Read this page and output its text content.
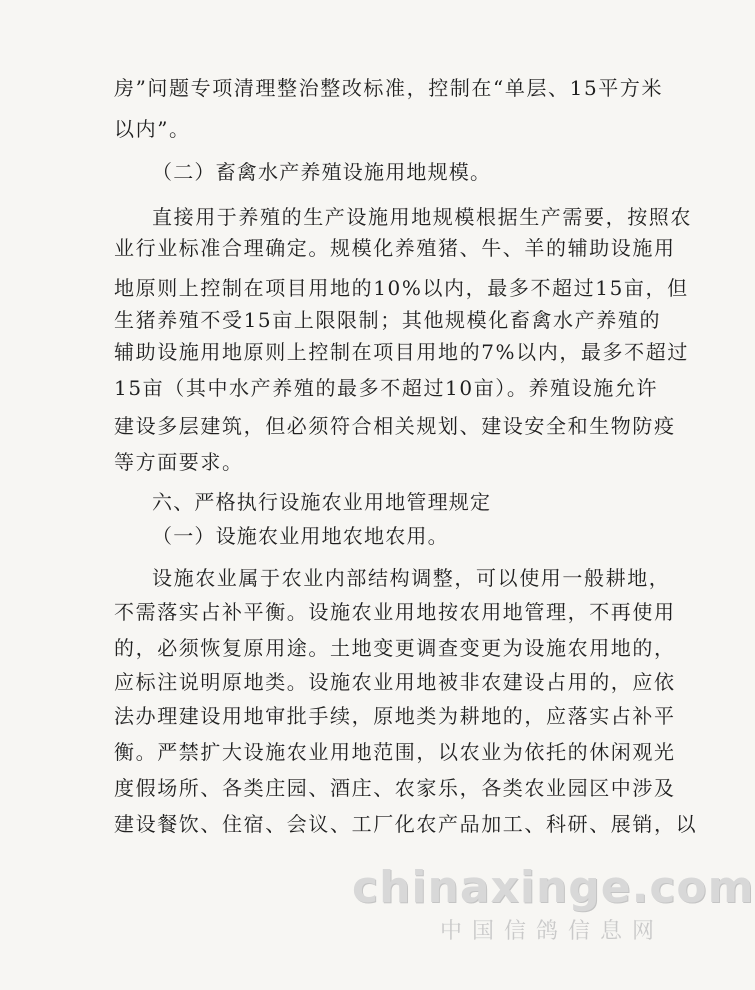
房”问题专项清理整治整改标准，控制在“单层、15平方米
以内”。
（二）畜禽水产养殖设施用地规模。
直接用于养殖的生产设施用地规模根据生产需要，按照农
业行业标准合理确定。规模化养殖猪、牛、羊的辅助设施用
地原则上控制在项目用地的10%以内，最多不超过15亩，但
生猪养殖不受15亩上限限制；其他规模化畜禽水产养殖的
辅助设施用地原则上控制在项目用地的7%以内，最多不超过
15亩（其中水产养殖的最多不超过10亩）。养殖设施允许
建设多层建筑，但必须符合相关规划、建设安全和生物防疫
等方面要求。
六、严格执行设施农业用地管理规定
（一）设施农业用地农地农用。
设施农业属于农业内部结构调整，可以使用一般耕地，
不需落实占补平衡。设施农业用地按农用地管理，不再使用
的，必须恢复原用途。土地变更调查变更为设施农用地的，
应标注说明原地类。设施农业用地被非农建设占用的，应依
法办理建设用地审批手续，原地类为耕地的，应落实占补平
衡。严禁扩大设施农业用地范围，以农业为依托的休闲观光
度假场所、各类庄园、酒庄、农家乐，各类农业园区中涉及
建设餐饮、住宿、会议、工厂化农产品加工、科研、展销，以
chinaxinge.com
中国信鸽信息网
